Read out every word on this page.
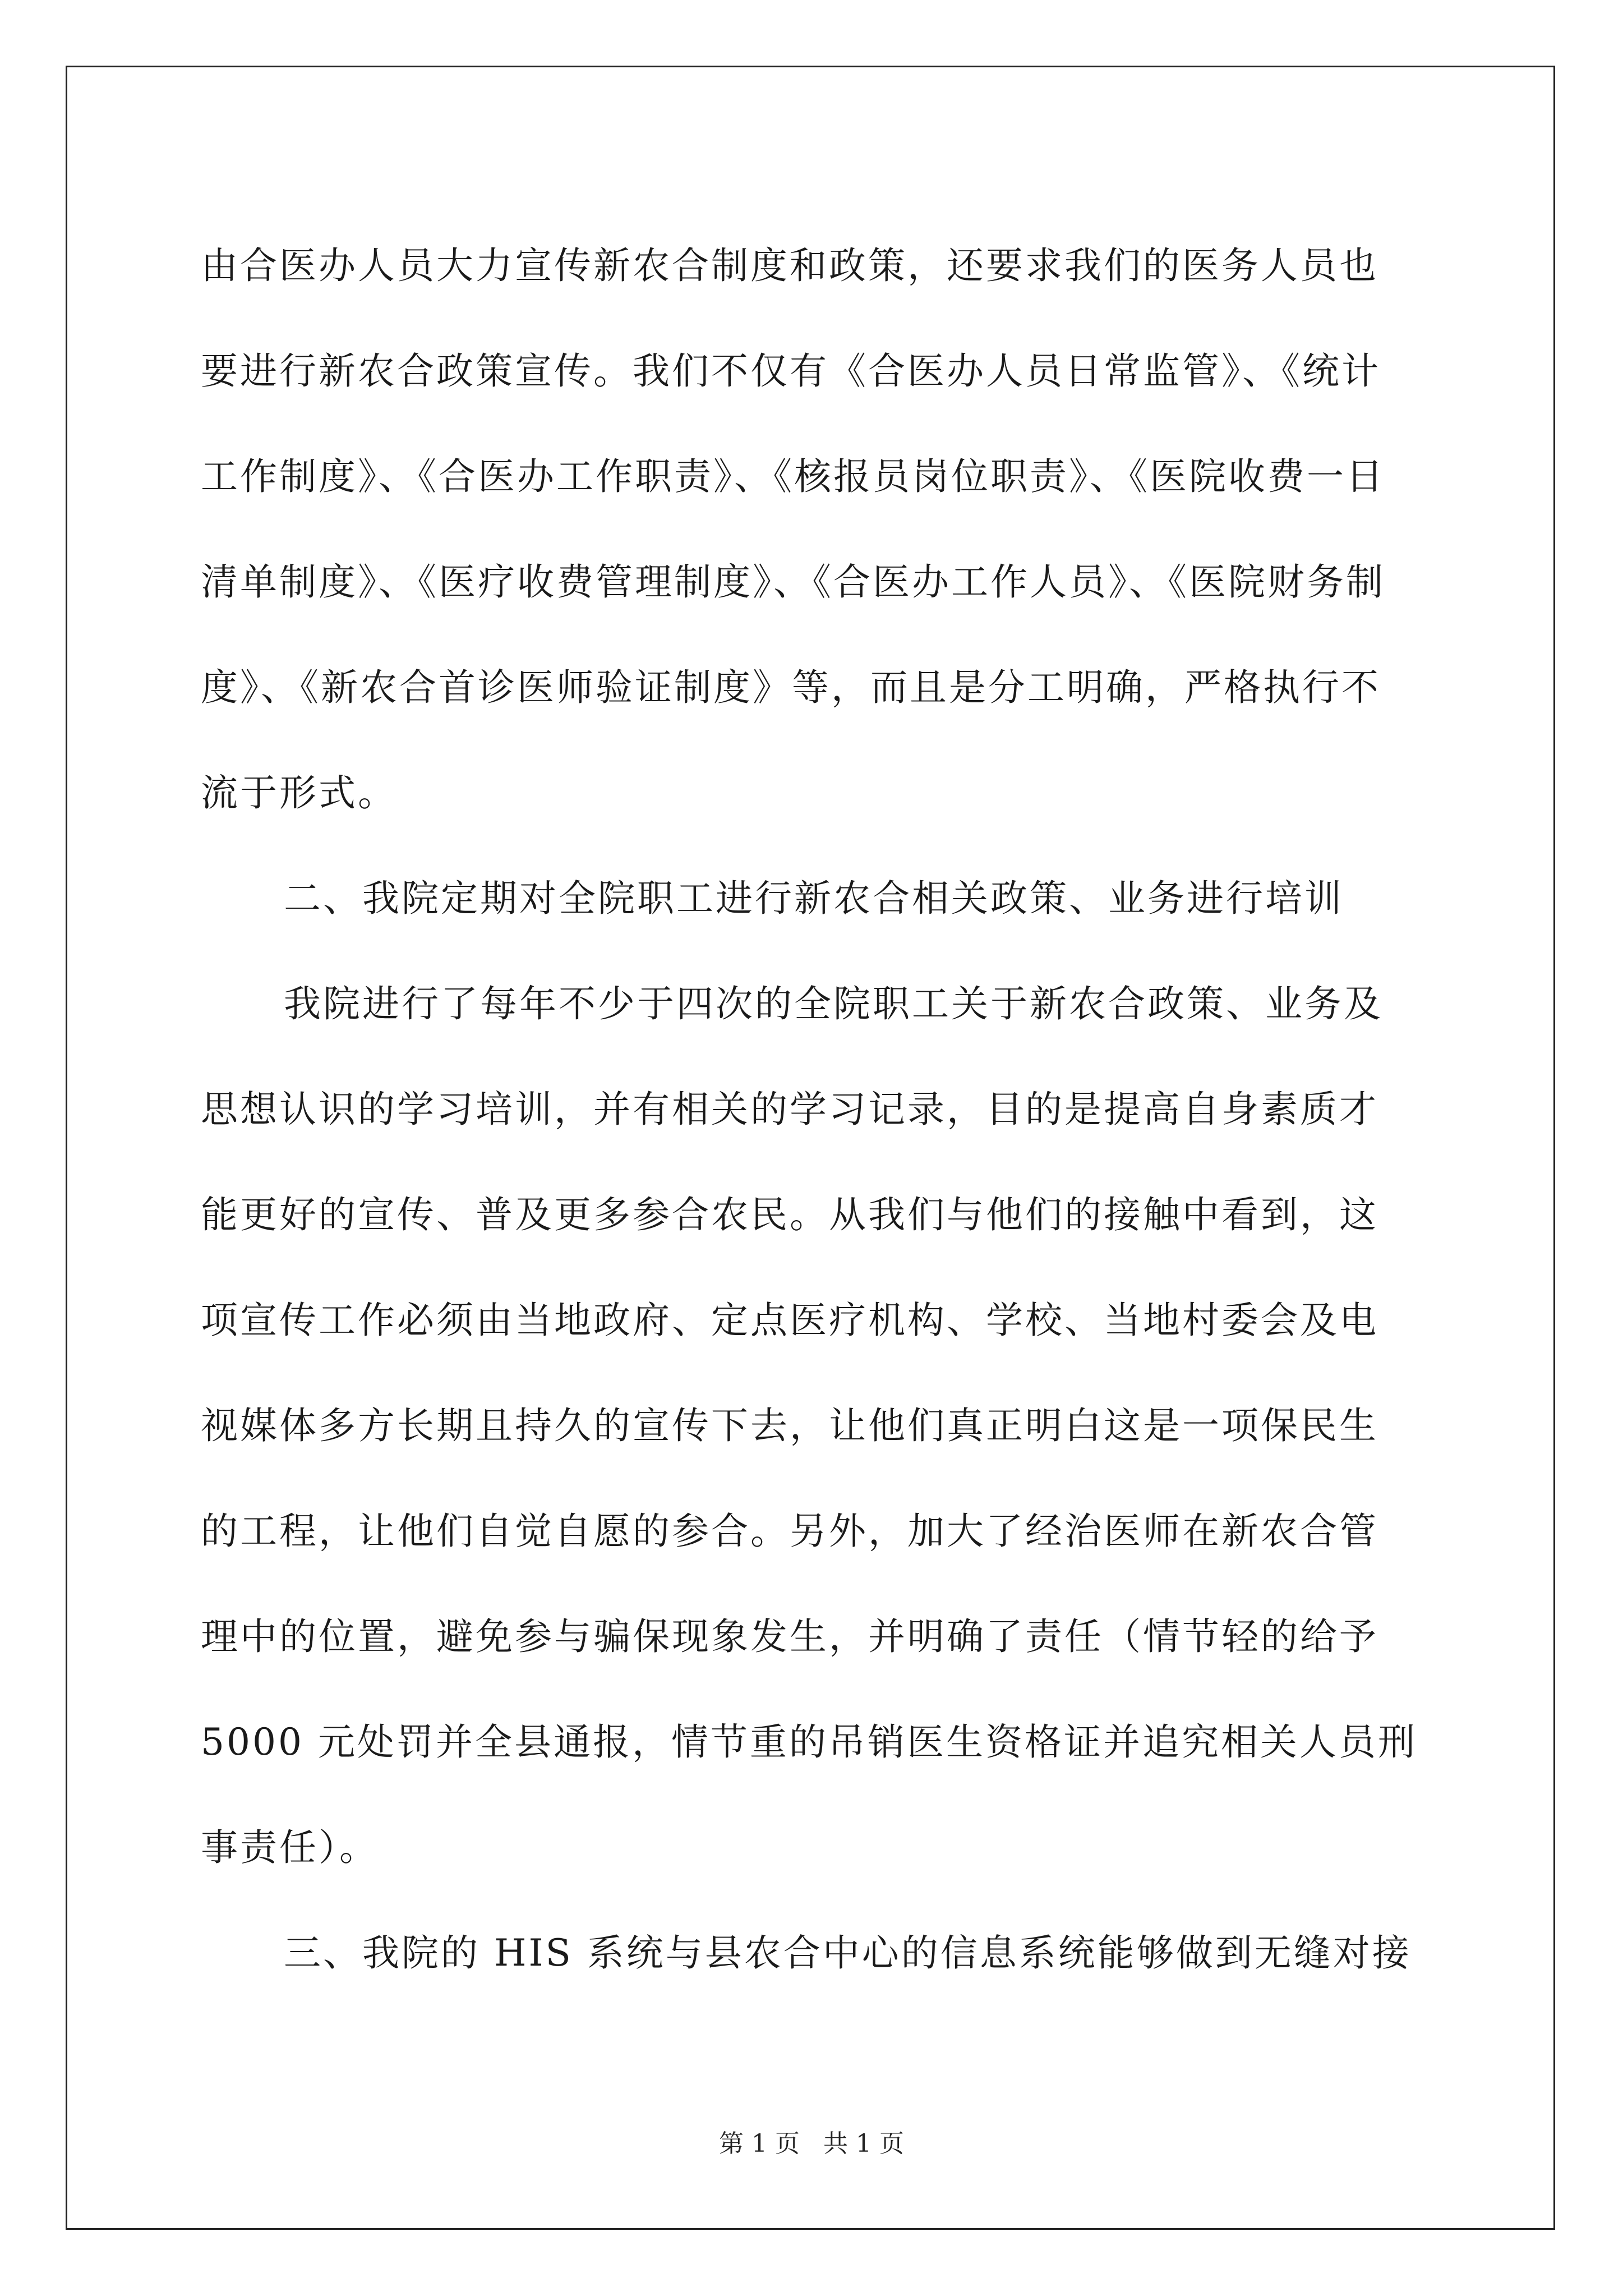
由合医办人员大力宣传新农合制度和政策，还要求我们的医务人员也
要进行新农合政策宣传。我们不仅有《合医办人员日常监管》、《统计
工作制度》、《合医办工作职责》、《核报员岗位职责》、《医院收费一日
清单制度》、《医疗收费管理制度》、《合医办工作人员》、《医院财务制
度》、《新农合首诊医师验证制度》等，而且是分工明确，严格执行不
流于形式。
二、我院定期对全院职工进行新农合相关政策、业务进行培训
我院进行了每年不少于四次的全院职工关于新农合政策、业务及
思想认识的学习培训，并有相关的学习记录，目的是提高自身素质才
能更好的宣传、普及更多参合农民。从我们与他们的接触中看到，这
项宣传工作必须由当地政府、定点医疗机构、学校、当地村委会及电
视媒体多方长期且持久的宣传下去，让他们真正明白这是一项保民生
的工程，让他们自觉自愿的参合。另外，加大了经治医师在新农合管
理中的位置，避免参与骗保现象发生，并明确了责任（情节轻的给予
5000 元处罚并全县通报，情节重的吊销医生资格证并追究相关人员刑
事责任）。
三、我院的 HIS 系统与县农合中心的信息系统能够做到无缝对接
第 1 页 共 1 页
